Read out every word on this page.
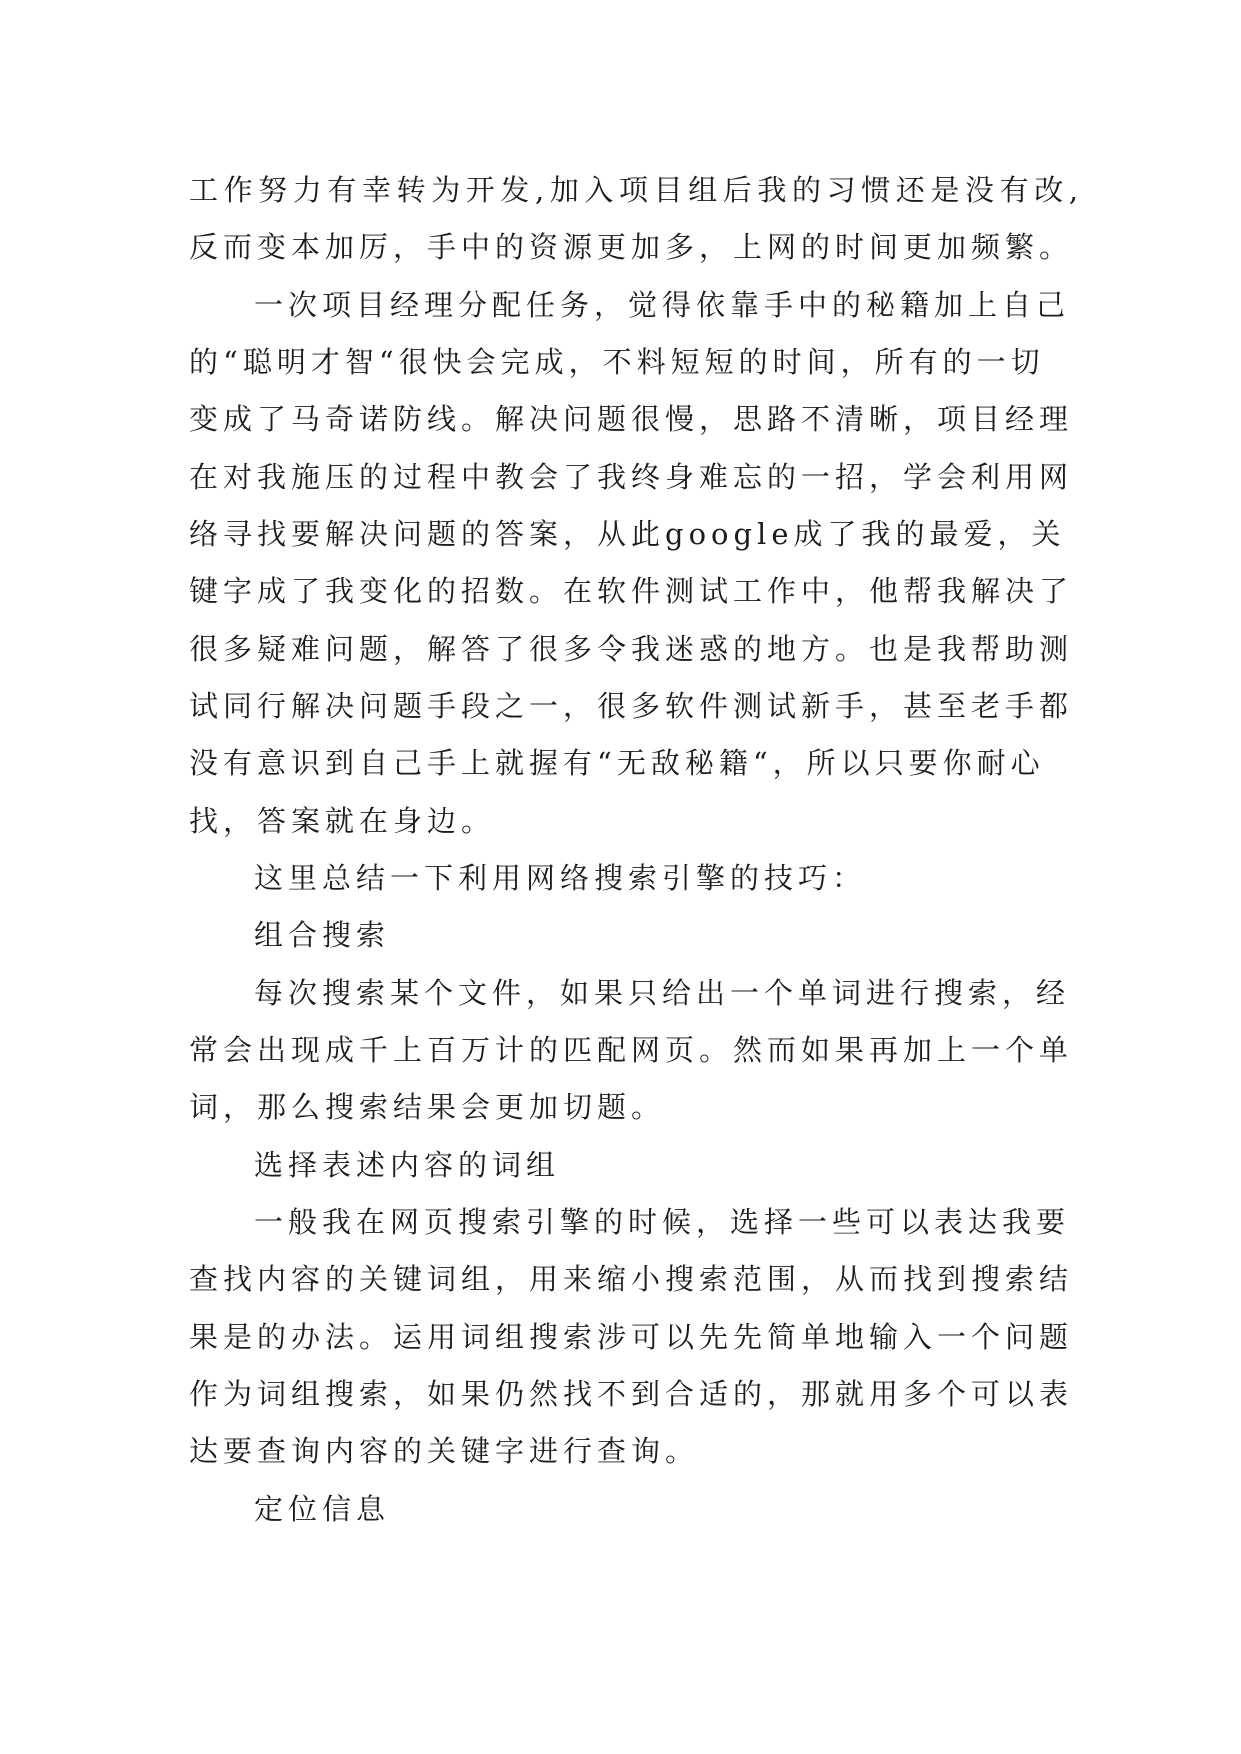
工作努力有幸转为开发,加入项目组后我的习惯还是没有改,
反而变本加厉，手中的资源更加多，上网的时间更加频繁。
一次项目经理分配任务，觉得依靠手中的秘籍加上自己
的“聪明才智“很快会完成，不料短短的时间，所有的一切
变成了马奇诺防线。解决问题很慢，思路不清晰，项目经理
在对我施压的过程中教会了我终身难忘的一招，学会利用网
络寻找要解决问题的答案，从此google成了我的最爱，关
键字成了我变化的招数。在软件测试工作中，他帮我解决了
很多疑难问题，解答了很多令我迷惑的地方。也是我帮助测
试同行解决问题手段之一，很多软件测试新手，甚至老手都
没有意识到自己手上就握有“无敌秘籍“，所以只要你耐心
找，答案就在身边。
这里总结一下利用网络搜索引擎的技巧：
组合搜索
每次搜索某个文件，如果只给出一个单词进行搜索，经
常会出现成千上百万计的匹配网页。然而如果再加上一个单
词，那么搜索结果会更加切题。
选择表述内容的词组
一般我在网页搜索引擎的时候，选择一些可以表达我要
查找内容的关键词组，用来缩小搜索范围，从而找到搜索结
果是的办法。运用词组搜索涉可以先先简单地输入一个问题
作为词组搜索，如果仍然找不到合适的，那就用多个可以表
达要查询内容的关键字进行查询。
定位信息
